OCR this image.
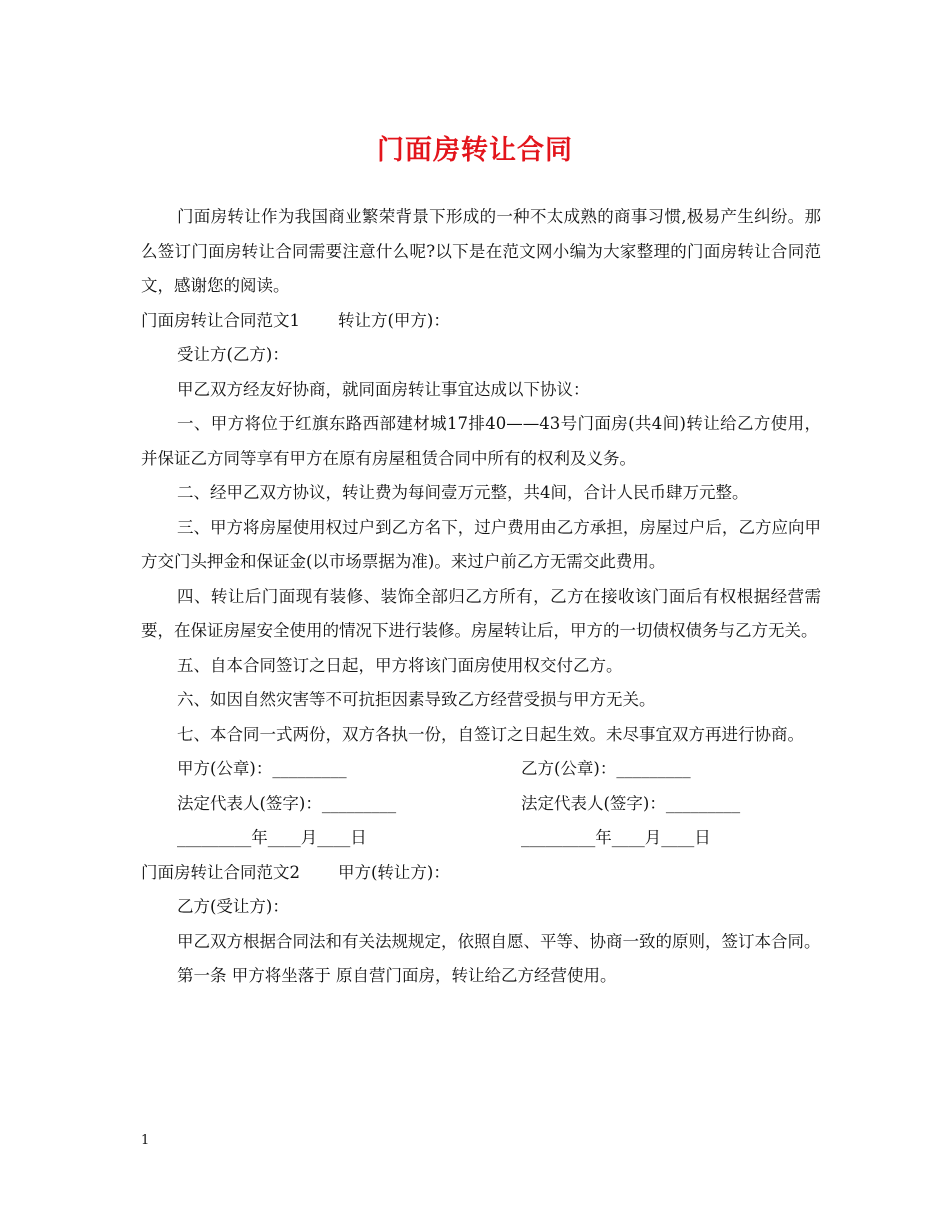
门面房转让合同

门面房转让作为我国商业繁荣背景下形成的一种不太成熟的商事习惯,极易产生纠纷。那么签订门面房转让合同需要注意什么呢?以下是在范文网小编为大家整理的门面房转让合同范文，感谢您的阅读。

门面房转让合同范文1 转让方(甲方)：

受让方(乙方)：

甲乙双方经友好协商，就同面房转让事宜达成以下协议：

一、甲方将位于红旗东路西部建材城17排40——43号门面房(共4间)转让给乙方使用，并保证乙方同等享有甲方在原有房屋租赁合同中所有的权利及义务。

二、经甲乙双方协议，转让费为每间壹万元整，共4间，合计人民币肆万元整。

三、甲方将房屋使用权过户到乙方名下，过户费用由乙方承担，房屋过户后，乙方应向甲方交门头押金和保证金(以市场票据为准)。来过户前乙方无需交此费用。

四、转让后门面现有装修、装饰全部归乙方所有，乙方在接收该门面后有权根据经营需要，在保证房屋安全使用的情况下进行装修。房屋转让后，甲方的一切债权债务与乙方无关。

五、自本合同签订之日起，甲方将该门面房使用权交付乙方。

六、如因自然灾害等不可抗拒因素导致乙方经营受损与甲方无关。

七、本合同一式两份，双方各执一份，自签订之日起生效。未尽事宜双方再进行协商。

甲方(公章)：_________	乙方(公章)：_________
法定代表人(签字)：_________	法定代表人(签字)：_________
_________年____月____日	_________年____月____日

门面房转让合同范文2 甲方(转让方)：

乙方(受让方)：

甲乙双方根据合同法和有关法规规定，依照自愿、平等、协商一致的原则，签订本合同。

第一条 甲方将坐落于 原自营门面房，转让给乙方经营使用。

1
